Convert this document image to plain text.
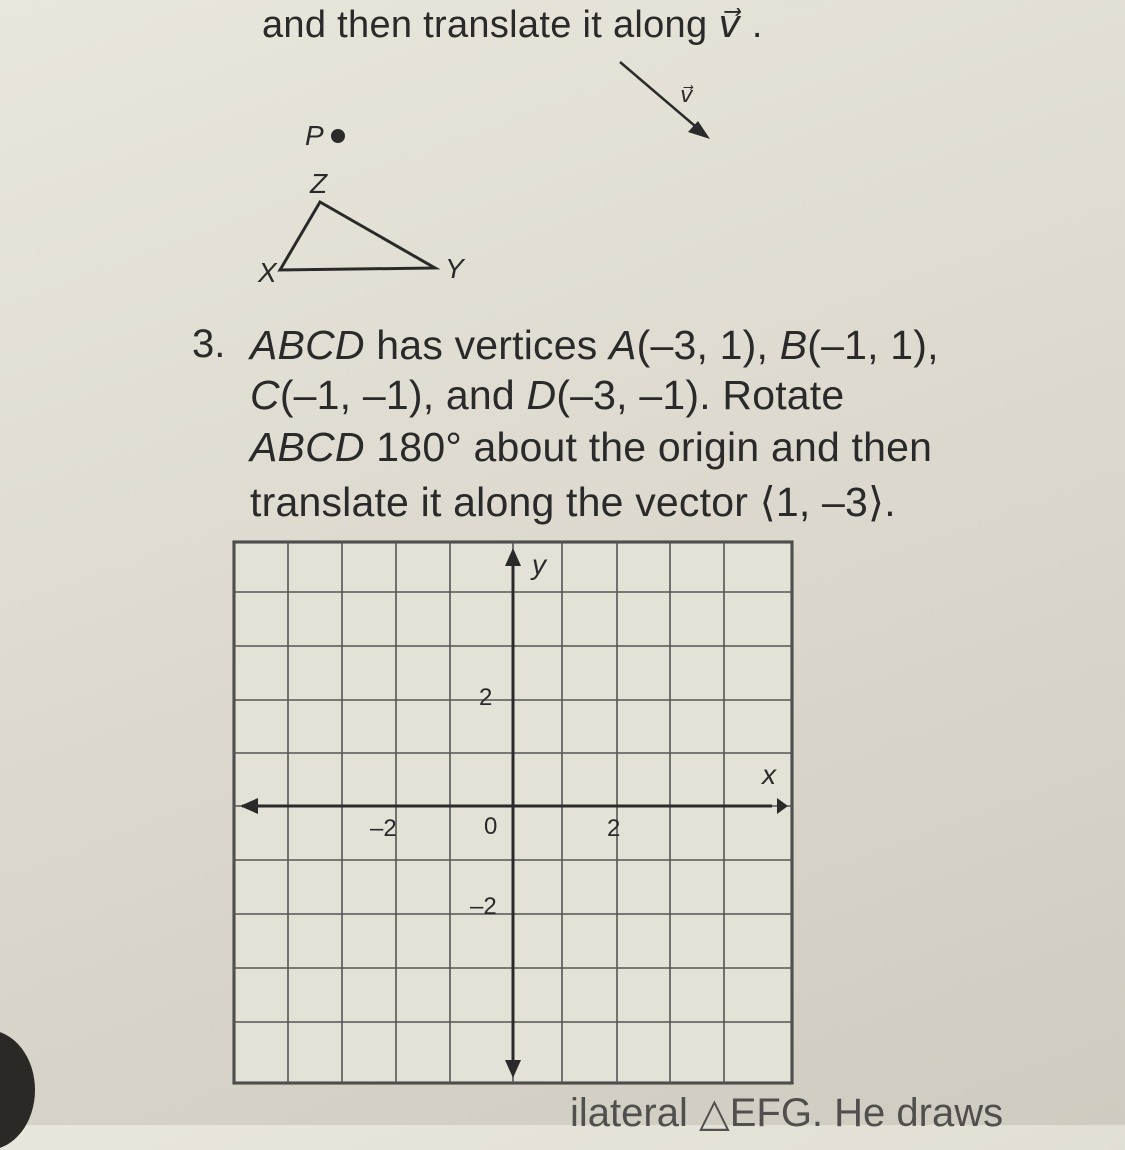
and then translate it along v⃗ .
v⃗
P
Z
X	Y
3. ABCD has vertices A(–3, 1), B(–1, 1),
C(–1, –1), and D(–3, –1). Rotate
ABCD 180° about the origin and then
translate it along the vector ⟨1, –3⟩.
x
y
–2	0	2
2
–2
ilateral △EFG. He draws
